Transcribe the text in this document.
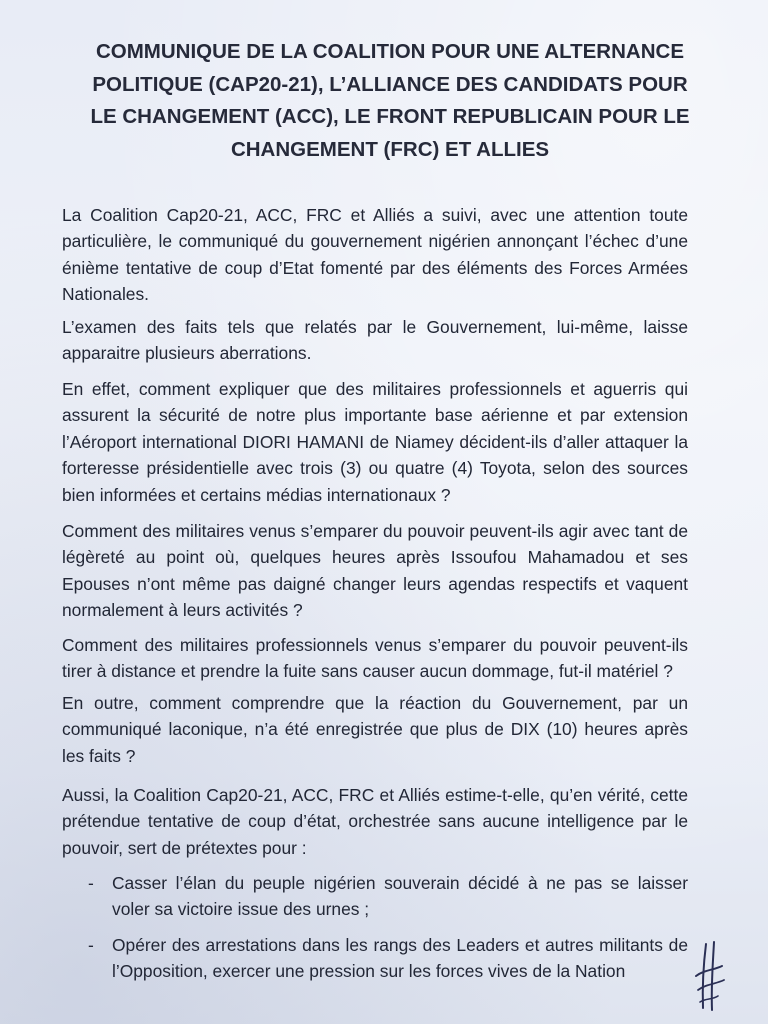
COMMUNIQUE DE LA COALITION POUR UNE ALTERNANCE POLITIQUE (CAP20-21), L’ALLIANCE DES CANDIDATS POUR LE CHANGEMENT (ACC), LE FRONT REPUBLICAIN POUR LE CHANGEMENT (FRC) ET ALLIES

La Coalition Cap20-21, ACC, FRC et Alliés a suivi, avec une attention toute particulière, le communiqué du gouvernement nigérien annonçant l’échec d’une énième tentative de coup d’Etat fomenté par des éléments des Forces Armées Nationales.

L’examen des faits tels que relatés par le Gouvernement, lui-même, laisse apparaitre plusieurs aberrations.

En effet, comment expliquer que des militaires professionnels et aguerris qui assurent la sécurité de notre plus importante base aérienne et par extension l’Aéroport international DIORI HAMANI de Niamey décident-ils d’aller attaquer la forteresse présidentielle avec trois (3) ou quatre (4) Toyota, selon des sources bien informées et certains médias internationaux ?

Comment des militaires venus s’emparer du pouvoir peuvent-ils agir avec tant de légèreté au point où, quelques heures après Issoufou Mahamadou et ses Epouses n’ont même pas daigné changer leurs agendas respectifs et vaquent normalement à leurs activités ?

Comment des militaires professionnels venus s’emparer du pouvoir peuvent-ils tirer à distance et prendre la fuite sans causer aucun dommage, fut-il matériel ?

En outre, comment comprendre que la réaction du Gouvernement, par un communiqué laconique, n’a été enregistrée que plus de DIX (10) heures après les faits ?

Aussi, la Coalition Cap20-21, ACC, FRC et Alliés estime-t-elle, qu’en vérité, cette prétendue tentative de coup d’état, orchestrée sans aucune intelligence par le pouvoir, sert de prétextes pour :

- Casser l’élan du peuple nigérien souverain décidé à ne pas se laisser voler sa victoire issue des urnes ;
- Opérer des arrestations dans les rangs des Leaders et autres militants de l’Opposition, exercer une pression sur les forces vives de la Nation
